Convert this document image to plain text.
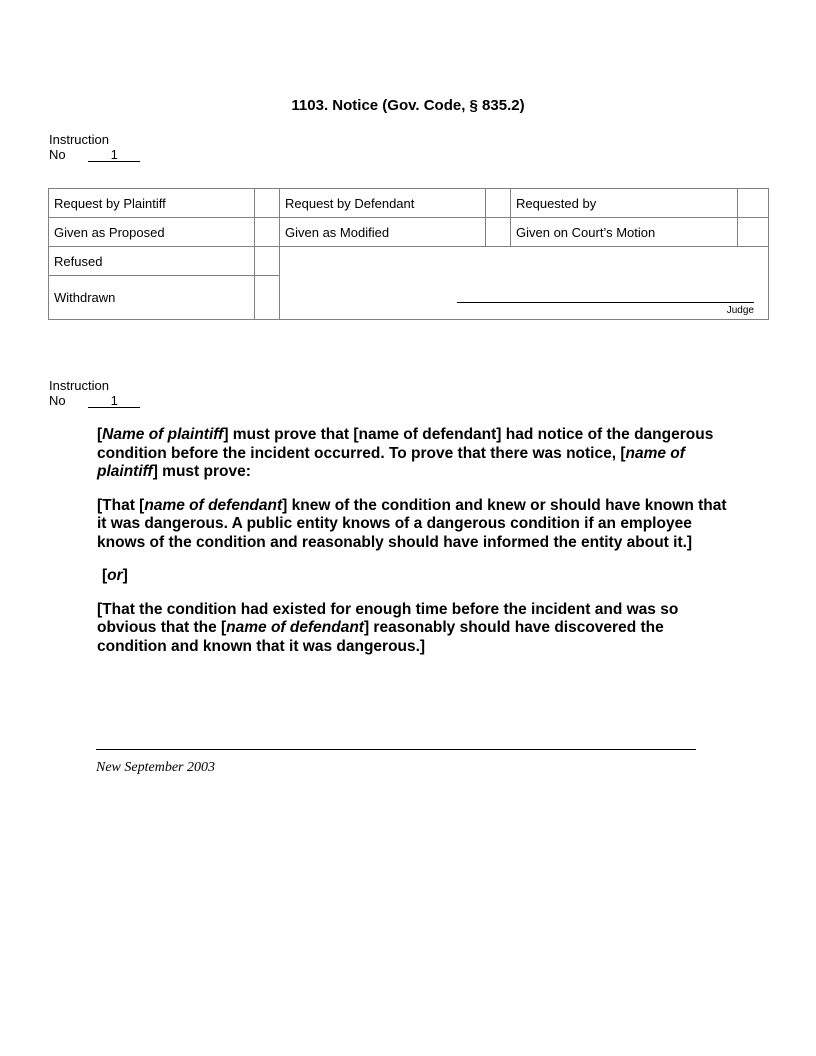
1103. Notice (Gov. Code, § 835.2)
Instruction
No	1
Request by Plaintiff		Request by Defendant		Requested by	
Given as Proposed		Given as Modified		Given on Court’s Motion	
Refused		Judge			

Withdrawn					
Instruction
No	1

[Name of plaintiff] must prove that [name of defendant] had notice of the dangerous condition before the incident occurred. To prove that there was notice, [name of plaintiff] must prove:

[That [name of defendant] knew of the condition and knew or should have known that it was dangerous. A public entity knows of a dangerous condition if an employee knows of the condition and reasonably should have informed the entity about it.]

[or]

[That the condition had existed for enough time before the incident and was so obvious that the [name of defendant] reasonably should have discovered the condition and known that it was dangerous.]

New September 2003
